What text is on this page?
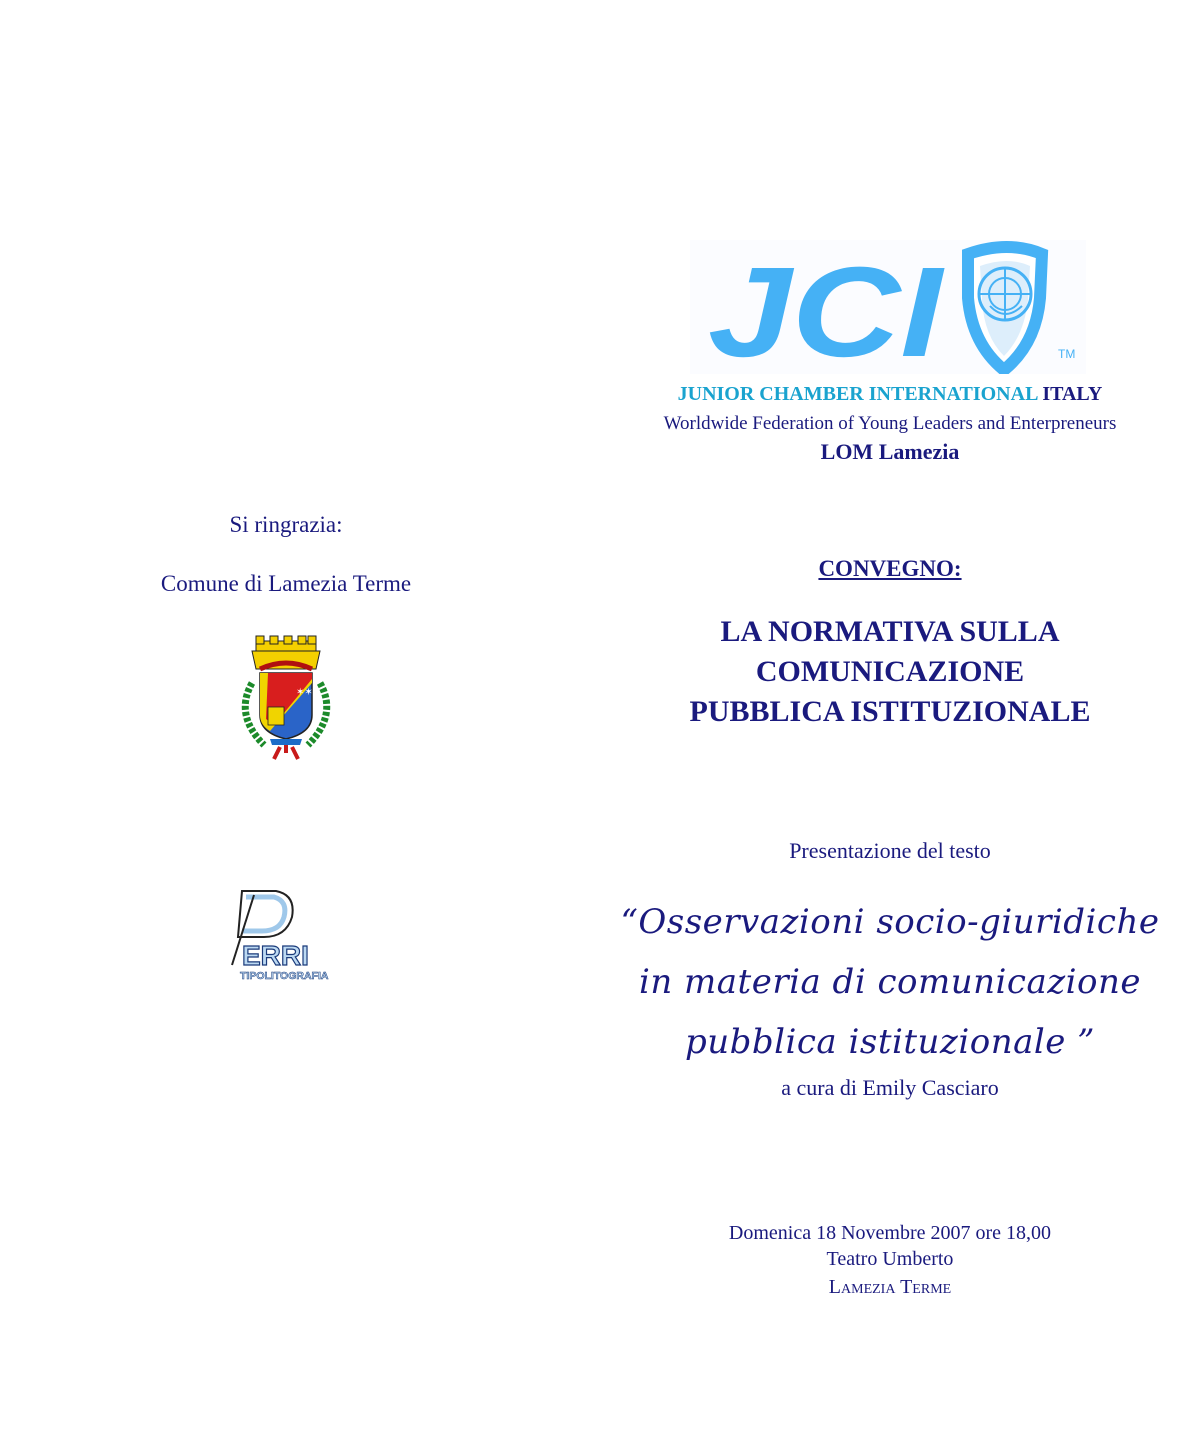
Si ringrazia:
Comune di Lamezia Terme
✶✶
ERRI
TIPOLITOGRAFIA
JCI	TM
JUNIOR CHAMBER INTERNATIONAL ITALY
Worldwide Federation of Young Leaders and Enterpreneurs
LOM Lamezia
CONVEGNO:
LA NORMATIVA SULLA
COMUNICAZIONE
PUBBLICA ISTITUZIONALE
Presentazione del testo
“Osservazioni socio-giuridiche
in materia di comunicazione
pubblica istituzionale ”
a cura di Emily Casciaro
Domenica 18 Novembre 2007 ore 18,00
Teatro Umberto
Lamezia Terme
